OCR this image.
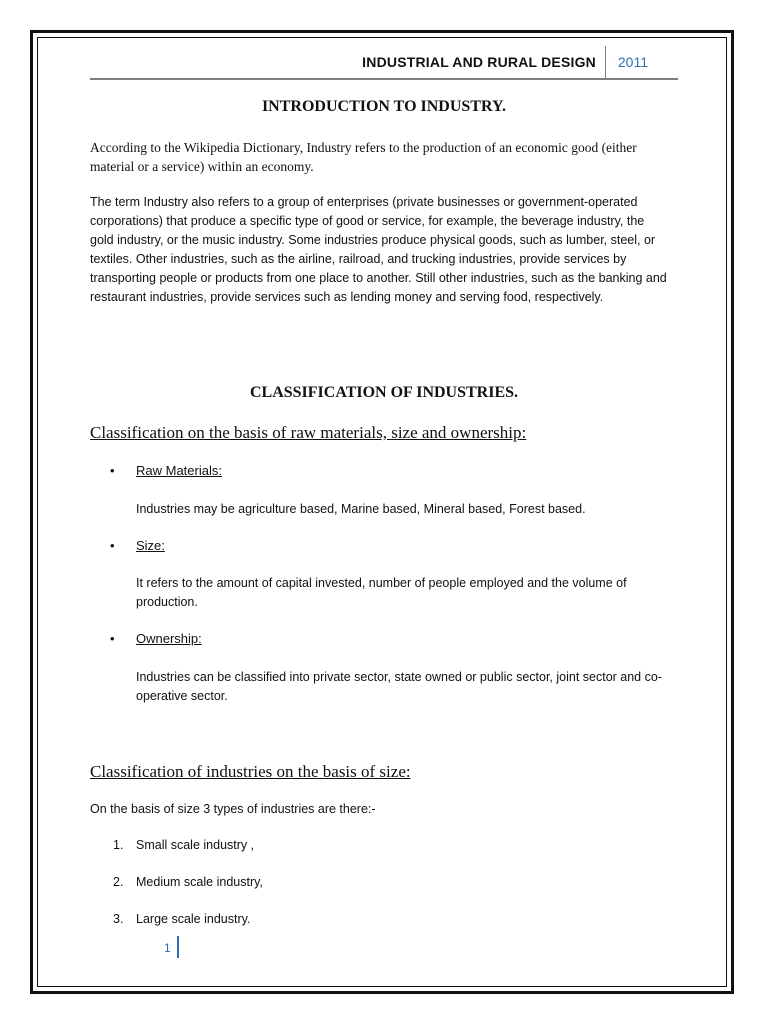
INDUSTRIAL AND RURAL DESIGN 2011
INTRODUCTION TO INDUSTRY.
According to the Wikipedia Dictionary, Industry refers to the production of an economic good (either material or a service) within an economy.
The term Industry also refers to a group of enterprises (private businesses or government-operated corporations) that produce a specific type of good or service, for example, the beverage industry, the gold industry, or the music industry. Some industries produce physical goods, such as lumber, steel, or textiles. Other industries, such as the airline, railroad, and trucking industries, provide services by transporting people or products from one place to another. Still other industries, such as the banking and restaurant industries, provide services such as lending money and serving food, respectively.
CLASSIFICATION OF INDUSTRIES.
Classification on the basis of raw materials, size and ownership:
• Raw Materials:
Industries may be agriculture based, Marine based, Mineral based, Forest based.
• Size:
It refers to the amount of capital invested, number of people employed and the volume of production.
• Ownership:
Industries can be classified into private sector, state owned or public sector, joint sector and co-operative sector.
Classification of industries on the basis of size:
On the basis of size 3 types of industries are there:-
1. Small scale industry ,
2. Medium scale industry,
3. Large scale industry.
1
